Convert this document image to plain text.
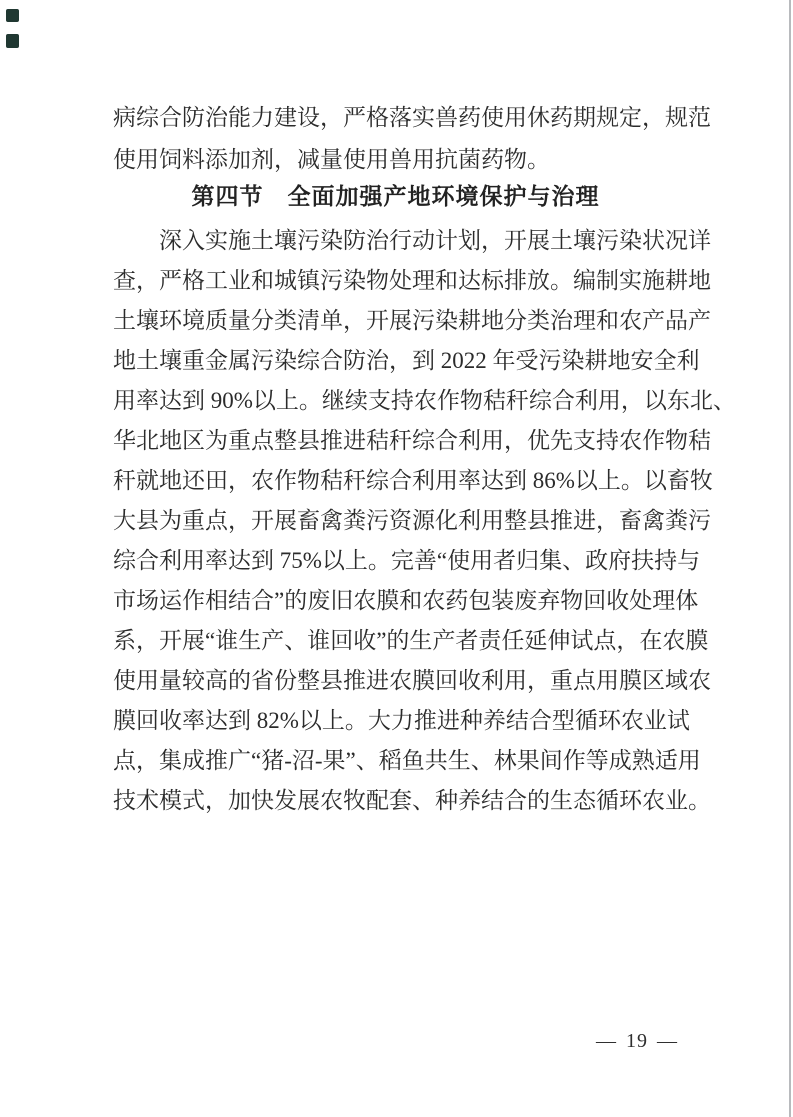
病综合防治能力建设，严格落实兽药使用休药期规定，规范
使用饲料添加剂，减量使用兽用抗菌药物。
第四节　全面加强产地环境保护与治理
深入实施土壤污染防治行动计划，开展土壤污染状况详
查，严格工业和城镇污染物处理和达标排放。编制实施耕地
土壤环境质量分类清单，开展污染耕地分类治理和农产品产
地土壤重金属污染综合防治，到 2022 年受污染耕地安全利
用率达到 90%以上。继续支持农作物秸秆综合利用，以东北、
华北地区为重点整县推进秸秆综合利用，优先支持农作物秸
秆就地还田，农作物秸秆综合利用率达到 86%以上。以畜牧
大县为重点，开展畜禽粪污资源化利用整县推进，畜禽粪污
综合利用率达到 75%以上。完善“使用者归集、政府扶持与
市场运作相结合”的废旧农膜和农药包装废弃物回收处理体
系，开展“谁生产、谁回收”的生产者责任延伸试点，在农膜
使用量较高的省份整县推进农膜回收利用，重点用膜区域农
膜回收率达到 82%以上。大力推进种养结合型循环农业试
点，集成推广“猪-沼-果”、稻鱼共生、林果间作等成熟适用
技术模式，加快发展农牧配套、种养结合的生态循环农业。
— 19 —
